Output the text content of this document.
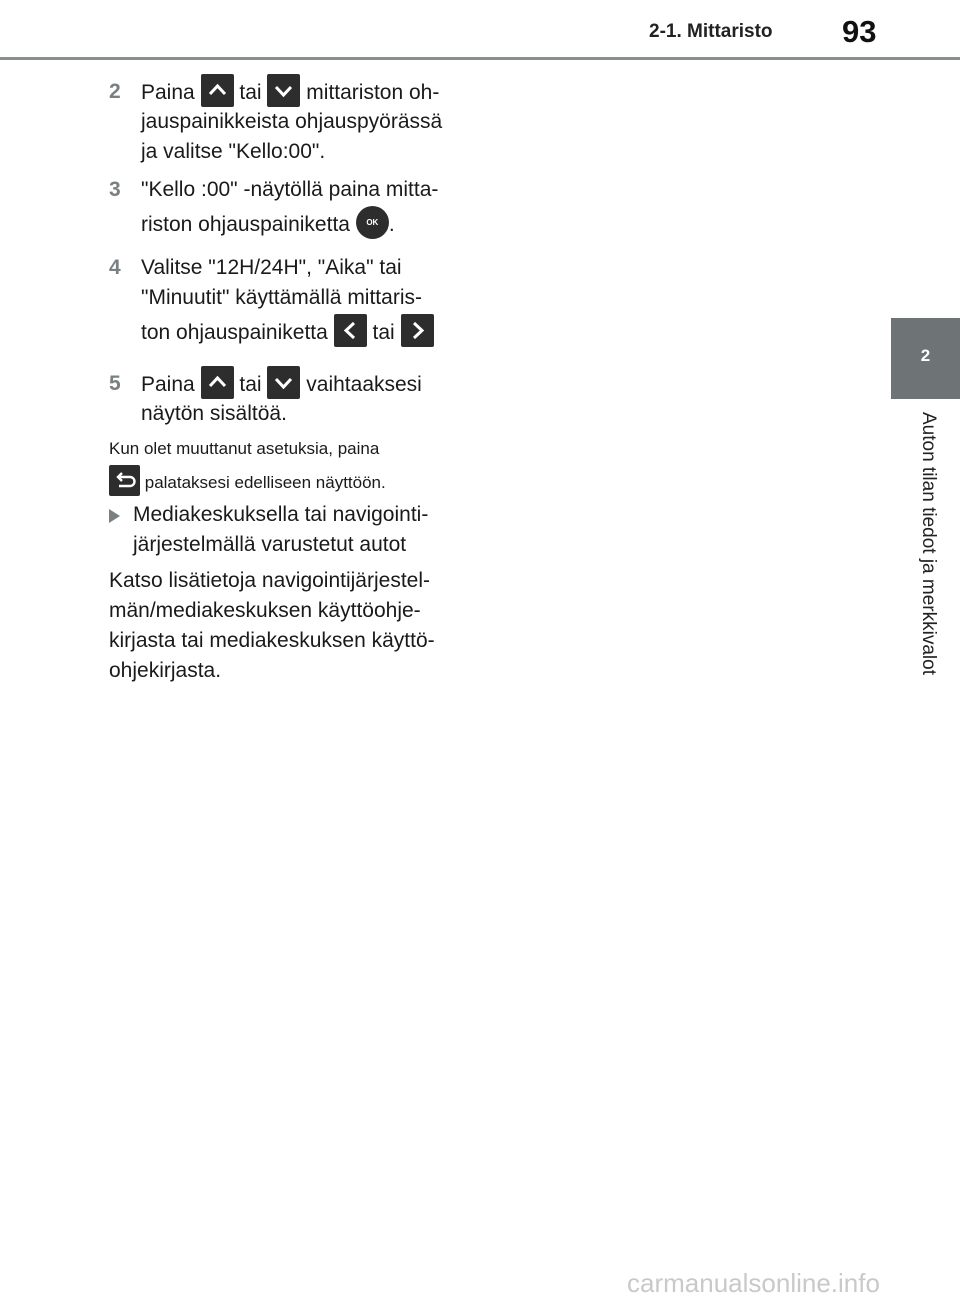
2-1. Mittaristo 93
2
Auton tilan tiedot ja merkkivalot
2 Paina tai mittariston oh-
jauspainikkeista ohjauspyörässä
ja valitse "Kello:00".
3 "Kello :00" -näytöllä paina mitta-
riston ohjauspainiketta OK .
4 Valitse "12H/24H", "Aika" tai
"Minuutit" käyttämällä mittaris-
ton ohjauspainiketta tai
5 Paina tai vaihtaaksesi
näytön sisältöä.
Kun olet muuttanut asetuksia, paina
palataksesi edelliseen näyttöön.
Mediakeskuksella tai navigointi-
järjestelmällä varustetut autot
Katso lisätietoja navigointijärjestel-
män/mediakeskuksen käyttöohje-
kirjasta tai mediakeskuksen käyttö-
ohjekirjasta.
carmanualsonline.info
